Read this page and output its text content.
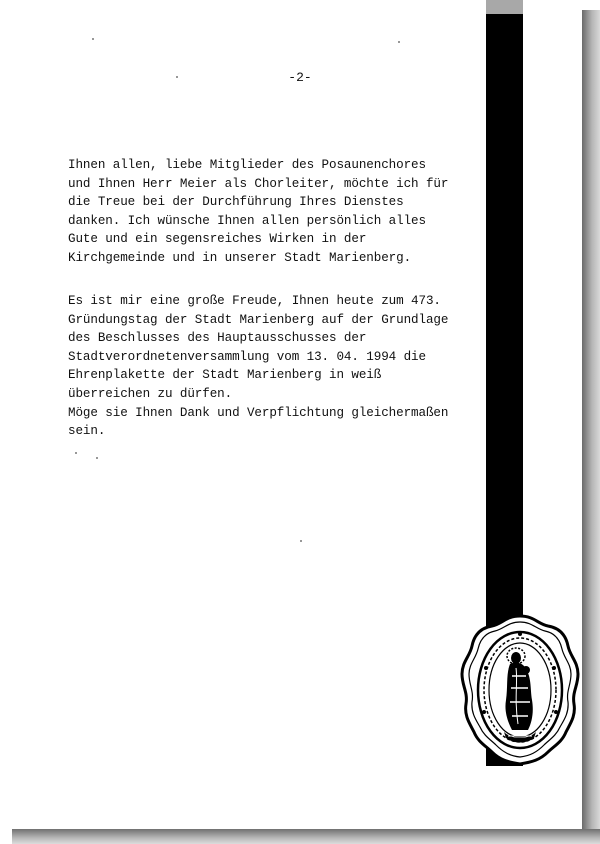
-2-
Ihnen allen, liebe Mitglieder des Posaunenchores
und Ihnen Herr Meier als Chorleiter, möchte ich für
die Treue bei der Durchführung Ihres Dienstes
danken. Ich wünsche Ihnen allen persönlich alles
Gute und ein segensreiches Wirken in der
Kirchgemeinde und in unserer Stadt Marienberg.
Es ist mir eine große Freude, Ihnen heute zum 473.
Gründungstag der Stadt Marienberg auf der Grundlage
des Beschlusses des Hauptausschusses der
Stadtverordnetenversammlung vom 13. 04. 1994 die
Ehrenplakette der Stadt Marienberg in weiß
überreichen zu dürfen.
Möge sie Ihnen Dank und Verpflichtung gleichermaßen
sein.
